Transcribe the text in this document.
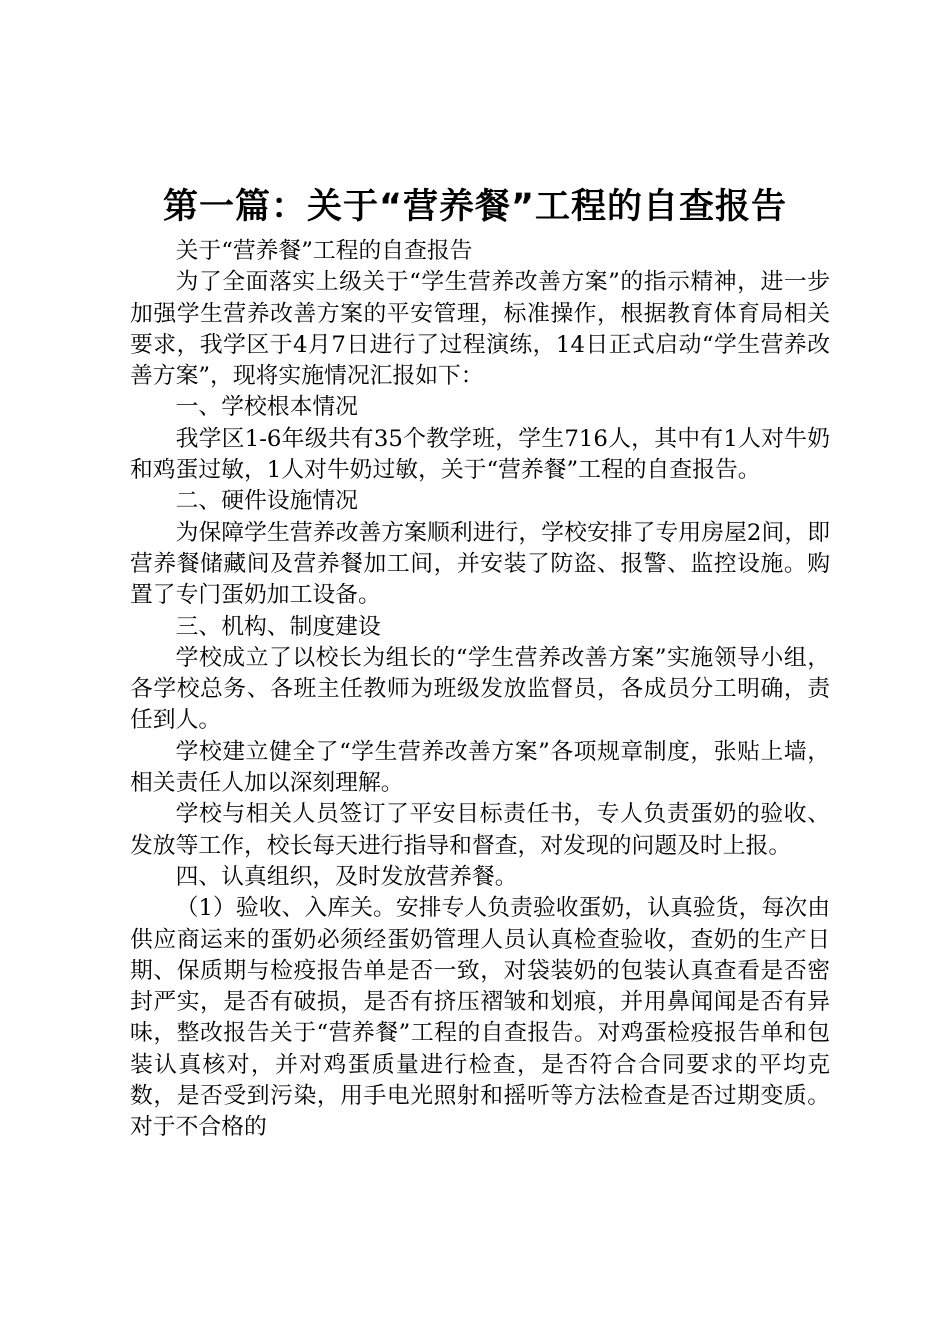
第一篇：关于“营养餐”工程的自查报告

关于“营养餐”工程的自查报告

为了全面落实上级关于“学生营养改善方案”的指示精神，进一步加强学生营养改善方案的平安管理，标准操作，根据教育体育局相关要求，我学区于4月7日进行了过程演练，14日正式启动“学生营养改善方案”，现将实施情况汇报如下：

一、学校根本情况

我学区1-6年级共有35个教学班，学生716人，其中有1人对牛奶和鸡蛋过敏，1人对牛奶过敏，关于“营养餐”工程的自查报告。

二、硬件设施情况

为保障学生营养改善方案顺利进行，学校安排了专用房屋2间，即营养餐储藏间及营养餐加工间，并安装了防盗、报警、监控设施。购置了专门蛋奶加工设备。

三、机构、制度建设

学校成立了以校长为组长的“学生营养改善方案”实施领导小组，各学校总务、各班主任教师为班级发放监督员，各成员分工明确，责任到人。

学校建立健全了“学生营养改善方案”各项规章制度，张贴上墙，相关责任人加以深刻理解。

学校与相关人员签订了平安目标责任书，专人负责蛋奶的验收、发放等工作，校长每天进行指导和督查，对发现的问题及时上报。

四、认真组织，及时发放营养餐。

（1）验收、入库关。安排专人负责验收蛋奶，认真验货，每次由供应商运来的蛋奶必须经蛋奶管理人员认真检查验收，查奶的生产日期、保质期与检疫报告单是否一致，对袋装奶的包装认真查看是否密封严实，是否有破损，是否有挤压褶皱和划痕，并用鼻闻闻是否有异味，整改报告关于“营养餐”工程的自查报告。对鸡蛋检疫报告单和包装认真核对，并对鸡蛋质量进行检查，是否符合合同要求的平均克数，是否受到污染，用手电光照射和摇听等方法检查是否过期变质。对于不合格的
